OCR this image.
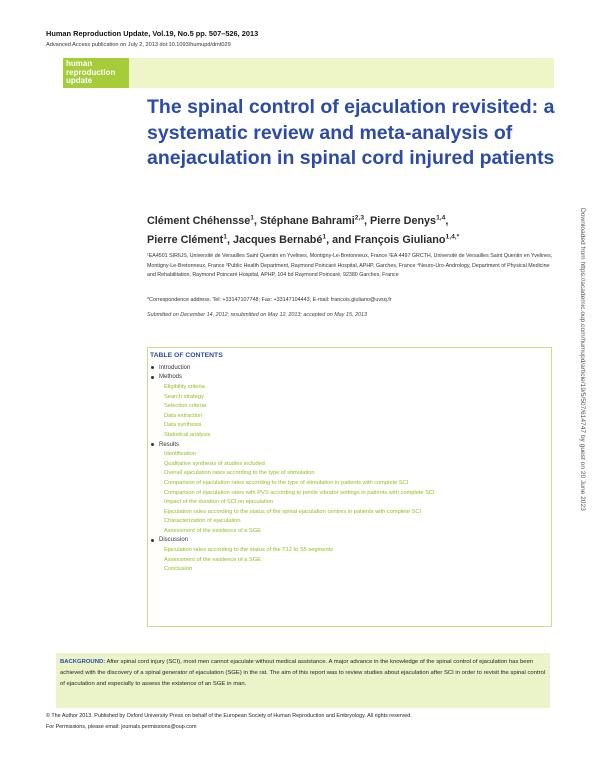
Human Reproduction Update, Vol.19, No.5 pp. 507–526, 2013
Advanced Access publication on July 2, 2013 doi:10.1093/humupd/dmt029
human
reproduction
update
The spinal control of ejaculation revisited: a systematic review and meta-analysis of anejaculation in spinal cord injured patients
Clément Chéhensse$^1$, Stéphane Bahrami$^{2,3}$, Pierre Denys$^{1,4}$,
Pierre Clément$^1$, Jacques Bernabé$^1$, and François Giuliano$^{1,4,*}$

¹EA4501 SIRIUS, Université de Versailles Saint Quentin en Yvelines, Montigny-Le-Bretonneux, France ²EA 4497 GRCTH, Université de Versailles Saint Quentin en Yvelines, Montigny-Le-Bretonneux, France ³Public Health Department, Raymond Poincaré Hospital, APHP, Garches, France ⁴Neuro-Uro-Andrology, Department of Physical Medicine and Rehabilitation, Raymond Poincaré Hospital, APHP, 104 bd Raymond Poincaré, 92380 Garches, France

*Correspondence address. Tel: +33147107748; Fax: +33147104443; E-mail: francois.giuliano@uvsq.fr

Submitted on December 14, 2012; resubmitted on May 12, 2013; accepted on May 15, 2013

TABLE OF CONTENTS
Introduction
Methods
Eligibility criteria
Search strategy
Selection criteria
Data extraction
Data synthesis
Statistical analysis
Results
Identification
Qualitative synthesis of studies included
Overall ejaculation rates according to the type of stimulation
Comparison of ejaculation rates according to the type of stimulation in patients with complete SCI
Comparison of ejaculation rates with PVS according to penile vibrator settings in patients with complete SCI
Impact of the duration of SCI on ejaculation
Ejaculation rates according to the status of the spinal ejaculation centres in patients with complete SCI
Characterization of ejaculation
Assessment of the existence of a SGE
Discussion
Ejaculation rates according to the status of the T12 to S5 segments
Assessment of the existence of a SGE
Conclusion
BACKGROUND: After spinal cord injury (SCI), most men cannot ejaculate without medical assistance. A major advance in the knowledge of the spinal control of ejaculation has been achieved with the discovery of a spinal generator of ejaculation (SGE) in the rat. The aim of this report was to review studies about ejaculation after SCI in order to revisit the spinal control of ejaculation and especially to assess the existence of an SGE in man.
© The Author 2013. Published by Oxford University Press on behalf of the European Society of Human Reproduction and Embryology. All rights reserved.
For Permissions, please email: journals.permissions@oup.com
Downloaded from https://academic.oup.com/humupd/article/19/5/507/614747 by guest on 20 June 2023
